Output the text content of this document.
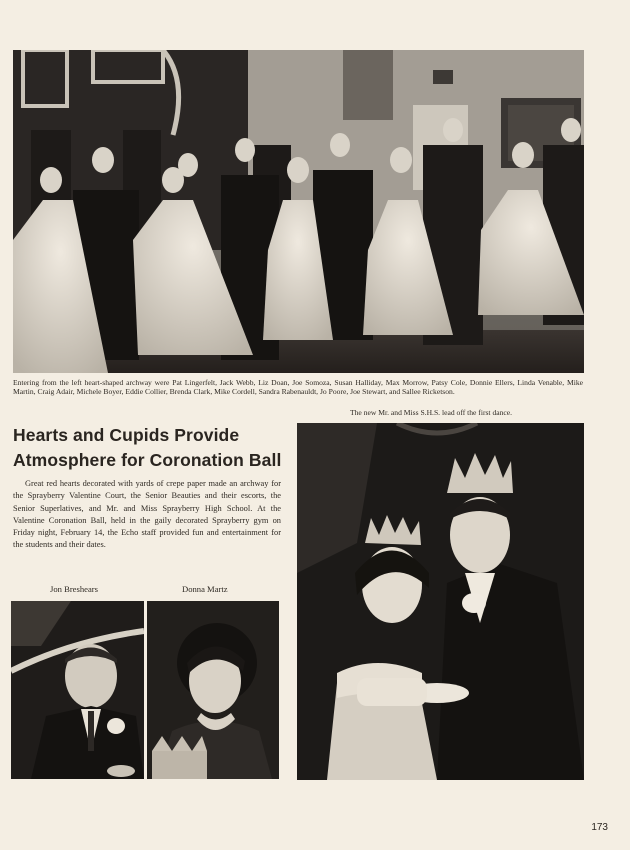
Entering from the left heart-shaped archway were Pat Lingerfelt, Jack Webb, Liz Doan, Joe Somoza, Susan Halliday, Max Morrow, Patsy Cole, Donnie Ellers, Linda Venable, Mike Martin, Craig Adair, Michele Boyer, Eddie Collier, Brenda Clark, Mike Cordell, Sandra Rabenauldt, Jo Poore, Joe Stewart, and Sallee Ricketson.
The new Mr. and Miss S.H.S. lead off the first dance.
Hearts and Cupids Provide
Atmosphere for Coronation Ball
Great red hearts decorated with yards of crepe paper made an archway for the Sprayberry Valentine Court, the Senior Beauties and their escorts, the Senior Superlatives, and Mr. and Miss Sprayberry High School. At the Valentine Coronation Ball, held in the gaily decorated Sprayberry gym on Friday night, February 14, the Echo staff provided fun and entertainment for the students and their dates.
Jon Breshears	Donna Martz
173
